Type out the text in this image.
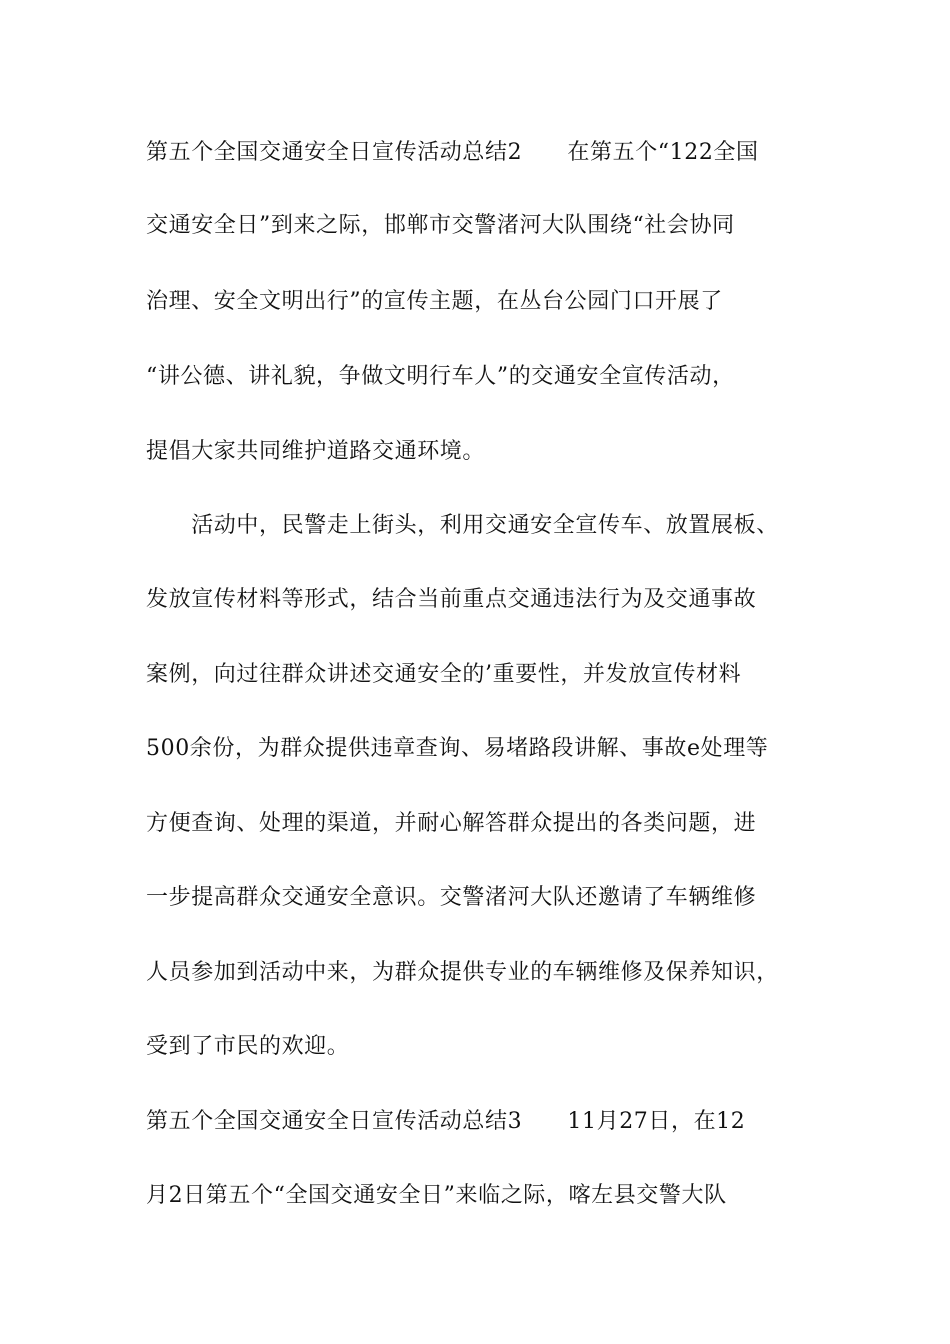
第五个全国交通安全日宣传活动总结2　　在第五个“122全国
交通安全日”到来之际，邯郸市交警渚河大队围绕“社会协同
治理、安全文明出行”的宣传主题，在丛台公园门口开展了
“讲公德、讲礼貌，争做文明行车人”的交通安全宣传活动，
提倡大家共同维护道路交通环境。
　　活动中，民警走上街头，利用交通安全宣传车、放置展板、
发放宣传材料等形式，结合当前重点交通违法行为及交通事故
案例，向过往群众讲述交通安全的’重要性，并发放宣传材料
500余份，为群众提供违章查询、易堵路段讲解、事故e处理等
方便查询、处理的渠道，并耐心解答群众提出的各类问题，进
一步提高群众交通安全意识。交警渚河大队还邀请了车辆维修
人员参加到活动中来，为群众提供专业的车辆维修及保养知识，
受到了市民的欢迎。
第五个全国交通安全日宣传活动总结3　　11月27日，在12
月2日第五个“全国交通安全日”来临之际，喀左县交警大队
